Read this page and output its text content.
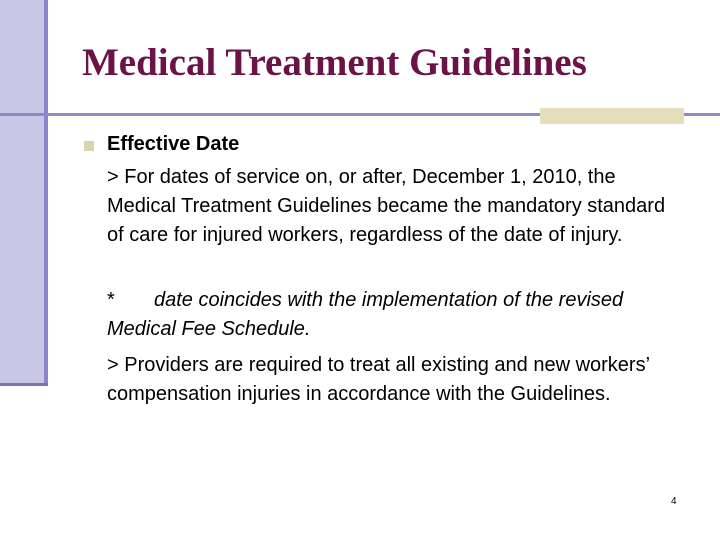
Medical Treatment Guidelines

Effective Date

> For dates of service on, or after, December 1, 2010, the Medical Treatment Guidelines became the mandatory standard of care for injured workers, regardless of the date of injury.

* date coincides with the implementation of the revised Medical Fee Schedule.

> Providers are required to treat all existing and new workers’ compensation injuries in accordance with the Guidelines.

4
